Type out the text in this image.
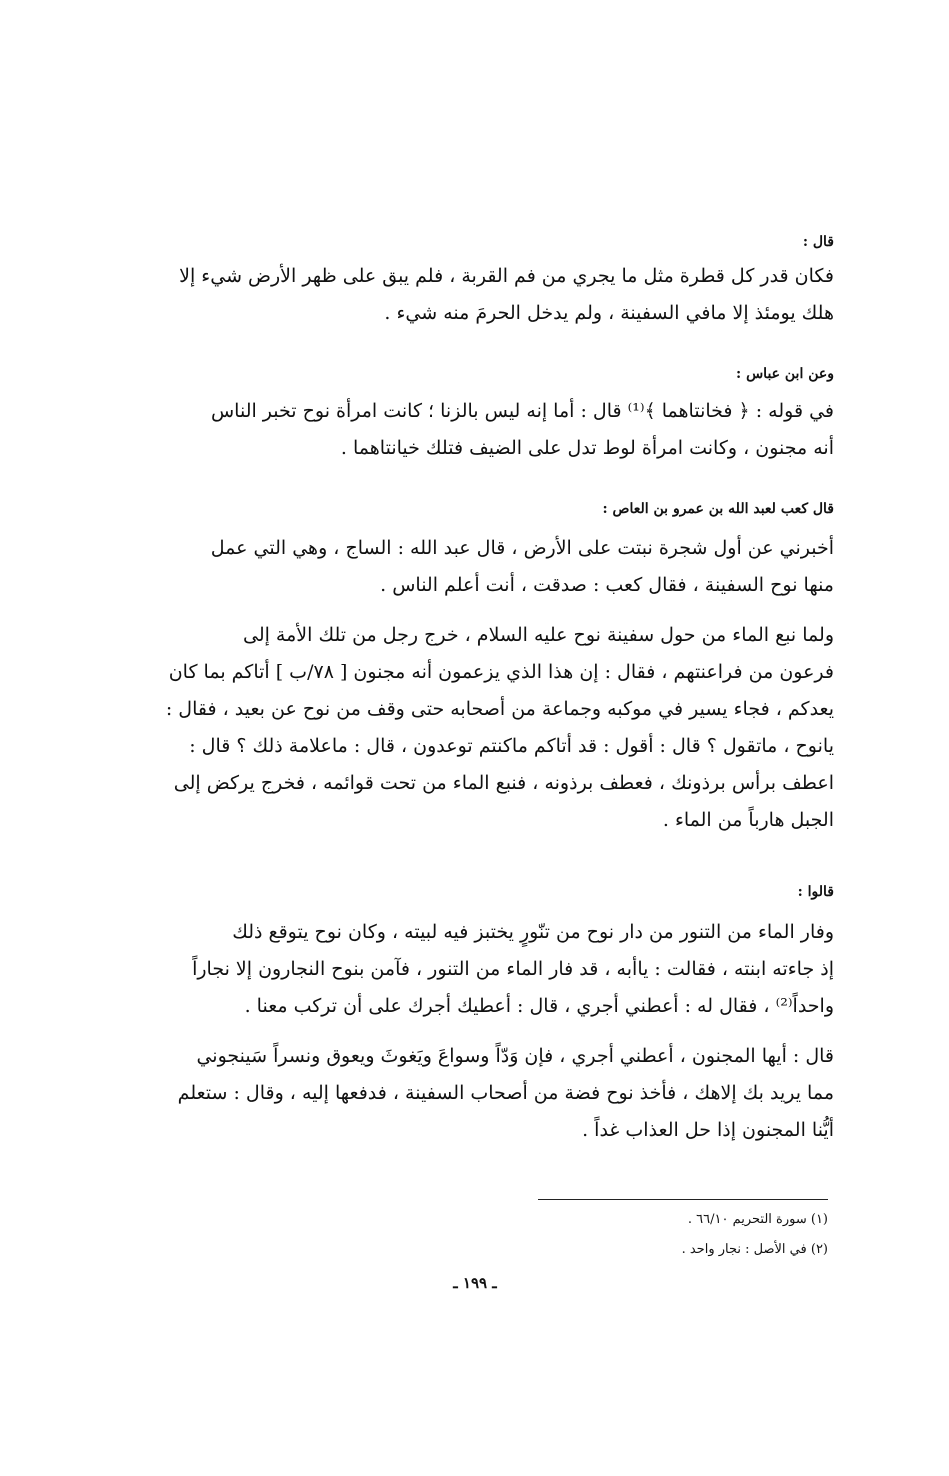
قال :

فكان قدر كل قطرة مثل ما يجري من فم القربة ، فلم يبق على ظهر الأرض شيء إلا

هلك يومئذ إلا مافي السفينة ، ولم يدخل الحرمَ منه شيء .

وعن ابن عباس :

في قوله : ﴿ فخانتاهما ﴾⁽¹⁾ قال : أما إنه ليس بالزنا ؛ كانت امرأة نوح تخبر الناس

أنه مجنون ، وكانت امرأة لوط تدل على الضيف فتلك خيانتاهما .

قال كعب لعبد الله بن عمرو بن العاص :

أخبرني عن أول شجرة نبتت على الأرض ، قال عبد الله : الساج ، وهي التي عمل

منها نوح السفينة ، فقال كعب : صدقت ، أنت أعلم الناس .

ولما نبع الماء من حول سفينة نوح عليه السلام ، خرج رجل من تلك الأمة إلى

فرعون من فراعنتهم ، فقال : إن هذا الذي يزعمون أنه مجنون [ ٧٨/ب ] أتاكم بما كان

يعدكم ، فجاء يسير في موكبه وجماعة من أصحابه حتى وقف من نوح عن بعيد ، فقال :

يانوح ، ماتقول ؟ قال : أقول : قد أتاكم ماكنتم توعدون ، قال : ماعلامة ذلك ؟ قال :

اعطف برأس برذونك ، فعطف برذونه ، فنبع الماء من تحت قوائمه ، فخرج يركض إلى

الجبل هارباً من الماء .

قالوا :

وفار الماء من التنور من دار نوح من تنّورٍ يختبز فيه لبيته ، وكان نوح يتوقع ذلك

إذ جاءته ابنته ، فقالت : ياأبه ، قد فار الماء من التنور ، فآمن بنوح النجارون إلا نجاراً

واحداً⁽²⁾ ، فقال له : أعطني أجري ، قال : أعطيك أجرك على أن تركب معنا .

قال : أيها المجنون ، أعطني أجري ، فإن وَدّاً وسواعَ ويَغوثَ ويعوق ونسراً سَينجوني

مما يريد بك إلاهك ، فأخذ نوح فضة من أصحاب السفينة ، فدفعها إليه ، وقال : ستعلم

أيُّنا المجنون إذا حل العذاب غداً .

(١) سورة التحريم ٦٦/١٠ .
(٢) في الأصل : نجار واحد .
ـ ١٩٩ ـ
